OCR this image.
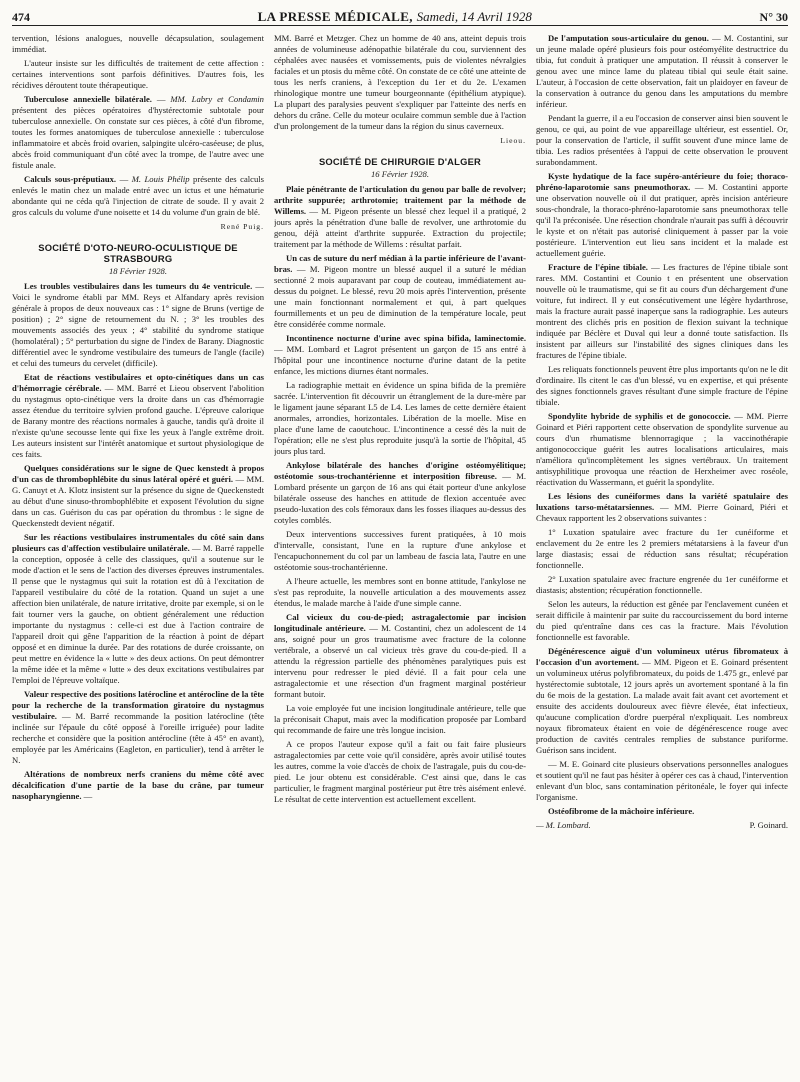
474	LA PRESSE MÉDICALE, Samedi, 14 Avril 1928	N° 30

tervention, lésions analogues, nouvelle décapsulation, soulagement immédiat.

L'auteur insiste sur les difficultés de traitement de cette affection : certaines interventions sont parfois définitives. D'autres fois, les récidives déroutent toute thérapeutique.

Tuberculose annexielle bilatérale. — MM. Labry et Condamin présentent des pièces opératoires d'hystérectomie subtotale pour tuberculose annexielle. On constate sur ces pièces, à côté d'un fibrome, toutes les formes anatomiques de tuberculose annexielle : tuberculose inflammatoire et abcès froid ovarien, salpingite ulcéro-caséeuse; de plus, abcès froid communiquant d'un côté avec la trompe, de l'autre avec une fistule anale.

Calculs sous-préputiaux. — M. Louis Phélip présente des calculs enlevés le matin chez un malade entré avec un ictus et une hématurie abondante qui ne céda qu'à l'injection de citrate de soude. Il y avait 2 gros calculs du volume d'une noisette et 14 du volume d'un grain de blé.

René Puig.
SOCIÉTÉ D'OTO-NEURO-OCULISTIQUE DE STRASBOURG
18 Février 1928.

Les troubles vestibulaires dans les tumeurs du 4e ventricule. — Voici le syndrome établi par MM. Reys et Alfandary après revision générale à propos de deux nouveaux cas : 1° signe de Bruns (vertige de position) ; 2° signe de retournement du N. ; 3° les troubles des mouvements associés des yeux ; 4° stabilité du syndrome statique (homolatéral) ; 5° perturbation du signe de l'index de Barany. Diagnostic différentiel avec le syndrome vestibulaire des tumeurs de l'angle (facile) et celui des tumeurs du cervelet (difficile).

Etat de réactions vestibulaires et opto-cinétiques dans un cas d'hémorragie cérébrale. — MM. Barré et Lieou observent l'abolition du nystagmus opto-cinétique vers la droite dans un cas d'hémorragie assez étendue du territoire sylvien profond gauche. L'épreuve calorique de Barany montre des réactions normales à gauche, tandis qu'à droite il n'existe qu'une secousse lente qui fixe les yeux à l'angle extrême droit. Les auteurs insistent sur l'intérêt anatomique et surtout physiologique de ces faits.

Quelques considérations sur le signe de Quec kenstedt à propos d'un cas de thrombophlébite du sinus latéral opéré et guéri. — MM. G. Canuyt et A. Klotz insistent sur la présence du signe de Queckenstedt au début d'une sinuso-thrombophlébite et exposent l'évolution du signe dans un cas. Guérison du cas par opération du thrombus : le signe de Queckenstedt devient négatif.

Sur les réactions vestibulaires instrumentales du côté sain dans plusieurs cas d'affection vestibulaire unilatérale. — M. Barré rappelle la conception, opposée à celle des classiques, qu'il a soutenue sur le mode d'action et le sens de l'action des diverses épreuves instrumentales. Il pense que le nystagmus qui suit la rotation est dû à l'excitation de l'appareil vestibulaire du côté de la rotation. Quand un sujet a une affection bien unilatérale, de nature irritative, droite par exemple, si on le fait tourner vers la gauche, on obtient généralement une réduction importante du nystagmus : celle-ci est due à l'action contraire de l'appareil droit qui gêne l'apparition de la réaction à point de départ opposé et en diminue la durée. Par des rotations de durée croissante, on peut mettre en évidence la « lutte » des deux actions. On peut démontrer la même idée et la même « lutte » des deux excitations vestibulaires par l'emploi de l'épreuve voltaïque.

Valeur respective des positions latérocline et antérocline de la tête pour la recherche de la transformation giratoire du nystagmus vestibulaire. — M. Barré recommande la position latérocline (tête inclinée sur l'épaule du côté opposé à l'oreille irriguée) pour ladite recherche et considère que la position antérocline (tête à 45° en avant), employée par les Américains (Eagleton, en particulier), tend à arrêter le N.

Altérations de nombreux nerfs craniens du même côté avec décalcification d'une partie de la base du crâne, par tumeur nasopharyngienne. —

MM. Barré et Metzger. Chez un homme de 40 ans, atteint depuis trois années de volumineuse adénopathie bilatérale du cou, surviennent des céphalées avec nausées et vomissements, puis de violentes névralgies faciales et un ptosis du même côté. On constate de ce côté une atteinte de tous les nerfs craniens, à l'exception du 1er et du 2e. L'examen rhinologique montre une tumeur bourgeonnante (épithélium atypique). La plupart des paralysies peuvent s'expliquer par l'atteinte des nerfs en dehors du crâne. Celle du moteur oculaire commun semble due à l'action d'un prolongement de la tumeur dans la région du sinus caverneux.

Lieou.
SOCIÉTÉ DE CHIRURGIE D'ALGER
16 Février 1928.

Plaie pénétrante de l'articulation du genou par balle de revolver; arthrite suppurée; arthrotomie; traitement par la méthode de Willems. — M. Pigeon présente un blessé chez lequel il a pratiqué, 2 jours après la pénétration d'une balle de revolver, une arthrotomie du genou, déjà atteint d'arthrite suppurée. Extraction du projectile; traitement par la méthode de Willems : résultat parfait.

Un cas de suture du nerf médian à la partie inférieure de l'avant-bras. — M. Pigeon montre un blessé auquel il a suturé le médian sectionné 2 mois auparavant par coup de couteau, immédiatement au-dessus du poignet. Le blessé, revu 20 mois après l'intervention, présente une main fonctionnant normalement et qui, à part quelques fourmillements et un peu de diminution de la température locale, peut être considérée comme normale.

Incontinence nocturne d'urine avec spina bifida, laminectomie. — MM. Lombard et Lagrot présentent un garçon de 15 ans entré à l'hôpital pour une incontinence nocturne d'urine datant de la petite enfance, les mictions diurnes étant normales.

La radiographie mettait en évidence un spina bifida de la première sacrée. L'intervention fit découvrir un étranglement de la dure-mère par le ligament jaune séparant L5 de L4. Les lames de cette dernière étaient anormales, arrondies, horizontales. Libération de la moelle. Mise en place d'une lame de caoutchouc. L'incontinence a cessé dès la nuit de l'opération; elle ne s'est plus reproduite jusqu'à la sortie de l'hôpital, 45 jours plus tard.

Ankylose bilatérale des hanches d'origine ostéomyélitique; ostéotomie sous-trochantérienne et interposition fibreuse. — M. Lombard présente un garçon de 16 ans qui était porteur d'une ankylose bilatérale osseuse des hanches en attitude de flexion accentuée avec pseudo-luxation des cols fémoraux dans les fosses iliaques au-dessus des cotyles comblés.

Deux interventions successives furent pratiquées, à 10 mois d'intervalle, consistant, l'une en la rupture d'une ankylose et l'encapuchonnement du col par un lambeau de fascia lata, l'autre en une ostéotomie sous-trochantérienne.

A l'heure actuelle, les membres sont en bonne attitude, l'ankylose ne s'est pas reproduite, la nouvelle articulation a des mouvements assez étendus, le malade marche à l'aide d'une simple canne.

Cal vicieux du cou-de-pied; astragalectomie par incision longitudinale antérieure. — M. Costantini, chez un adolescent de 14 ans, soigné pour un gros traumatisme avec fracture de la colonne vertébrale, a observé un cal vicieux très grave du cou-de-pied. Il a attendu la régression partielle des phénomènes paralytiques puis est intervenu pour redresser le pied dévié. Il a fait pour cela une astragalectomie et une résection d'un fragment marginal postérieur formant butoir.

La voie employée fut une incision longitudinale antérieure, telle que la préconisait Chaput, mais avec la modification proposée par Lombard qui recommande de faire une très longue incision.

A ce propos l'auteur expose qu'il a fait ou fait faire plusieurs astragalectomies par cette voie qu'il considère, après avoir utilisé toutes les autres, comme la voie d'accès de choix de l'astragale, puis du cou-de-pied. Le jour obtenu est considérable. C'est ainsi que, dans le cas particulier, le fragment marginal postérieur put être très aisément enlevé. Le résultat de cette intervention est actuellement excellent.

De l'amputation sous-articulaire du genou. — M. Costantini, sur un jeune malade opéré plusieurs fois pour ostéomyélite destructrice du tibia, fut conduit à pratiquer une amputation. Il réussit à conserver le genou avec une mince lame du plateau tibial qui seule était saine. L'auteur, à l'occasion de cette observation, fait un plaidoyer en faveur de la conservation à outrance du genou dans les amputations du membre inférieur.

Pendant la guerre, il a eu l'occasion de conserver ainsi bien souvent le genou, ce qui, au point de vue appareillage ultérieur, est essentiel. Or, pour la conservation de l'article, il suffit souvent d'une mince lame de tibia. Les radios présentées à l'appui de cette observation le prouvent surabondamment.

Kyste hydatique de la face supéro-antérieure du foie; thoraco-phréno-laparotomie sans pneumothorax. — M. Costantini apporte une observation nouvelle où il dut pratiquer, après incision antérieure sous-chondrale, la thoraco-phréno-laparotomie sans pneumothorax telle qu'il l'a préconisée. Une résection chondrale n'aurait pas suffi à découvrir le kyste et on n'était pas autorisé cliniquement à passer par la voie postérieure. L'intervention eut lieu sans incident et la malade est actuellement guérie.

Fracture de l'épine tibiale. — Les fractures de l'épine tibiale sont rares. MM. Costantini et Counio t en présentent une observation nouvelle où le traumatisme, qui se fit au cours d'un déchargement d'une voiture, fut indirect. Il y eut consécutivement une légère hydarthrose, mais la fracture aurait passé inaperçue sans la radiographie. Les auteurs montrent des clichés pris en position de flexion suivant la technique indiquée par Béclère et Duval qui leur a donné toute satisfaction. Ils insistent par ailleurs sur l'instabilité des signes cliniques dans les fractures de l'épine tibiale.

Les reliquats fonctionnels peuvent être plus importants qu'on ne le dit d'ordinaire. Ils citent le cas d'un blessé, vu en expertise, et qui présente des signes fonctionnels graves résultant d'une simple fracture de l'épine tibiale.

Spondylite hybride de syphilis et de gonococcie. — MM. Pierre Goinard et Piéri rapportent cette observation de spondylite survenue au cours d'un rhumatisme blennorragique ; la vaccinothérapie antigonococcique guérit les autres localisations articulaires, mais n'améliora qu'incomplètement les signes vertébraux. Un traitement antisyphilitique provoqua une réaction de Herxheimer avec roséole, réactivation du Wassermann, et guérit la spondylite.

Les lésions des cunéiformes dans la variété spatulaire des luxations tarso-métatarsiennes. — MM. Pierre Goinard, Piéri et Chevaux rapportent les 2 observations suivantes :

1° Luxation spatulaire avec fracture du 1er cunéiforme et enclavement du 2e entre les 2 premiers métatarsiens à la faveur d'un large diastasis; essai de réduction sans résultat; récupération fonctionnelle.

2° Luxation spatulaire avec fracture engrenée du 1er cunéiforme et diastasis; abstention; récupération fonctionnelle.

Selon les auteurs, la réduction est gênée par l'enclavement cunéen et serait difficile à maintenir par suite du raccourcissement du bord interne du pied qu'entraîne dans ces cas la fracture. Mais l'évolution fonctionnelle est favorable.

Dégénérescence aiguë d'un volumineux utérus fibromateux à l'occasion d'un avortement. — MM. Pigeon et E. Goinard présentent un volumineux utérus polyfibromateux, du poids de 1.475 gr., enlevé par hystérectomie subtotale, 12 jours après un avortement spontané à la fin du 6e mois de la gestation. La malade avait fait avant cet avortement et ensuite des accidents douloureux avec fièvre élevée, état infectieux, qu'aucune complication d'ordre puerpéral n'expliquait. Les nombreux noyaux fibromateux étaient en voie de dégénérescence rouge avec production de cavités centrales remplies de substance puriforme. Guérison sans incident.

— M. E. Goinard cite plusieurs observations personnelles analogues et soutient qu'il ne faut pas hésiter à opérer ces cas à chaud, l'intervention enlevant d'un bloc, sans contamination péritonéale, le foyer qui infecte l'organisme.

Ostéofibrome de la mâchoire inférieure.

— M. Lombard.	P. Goinard.
